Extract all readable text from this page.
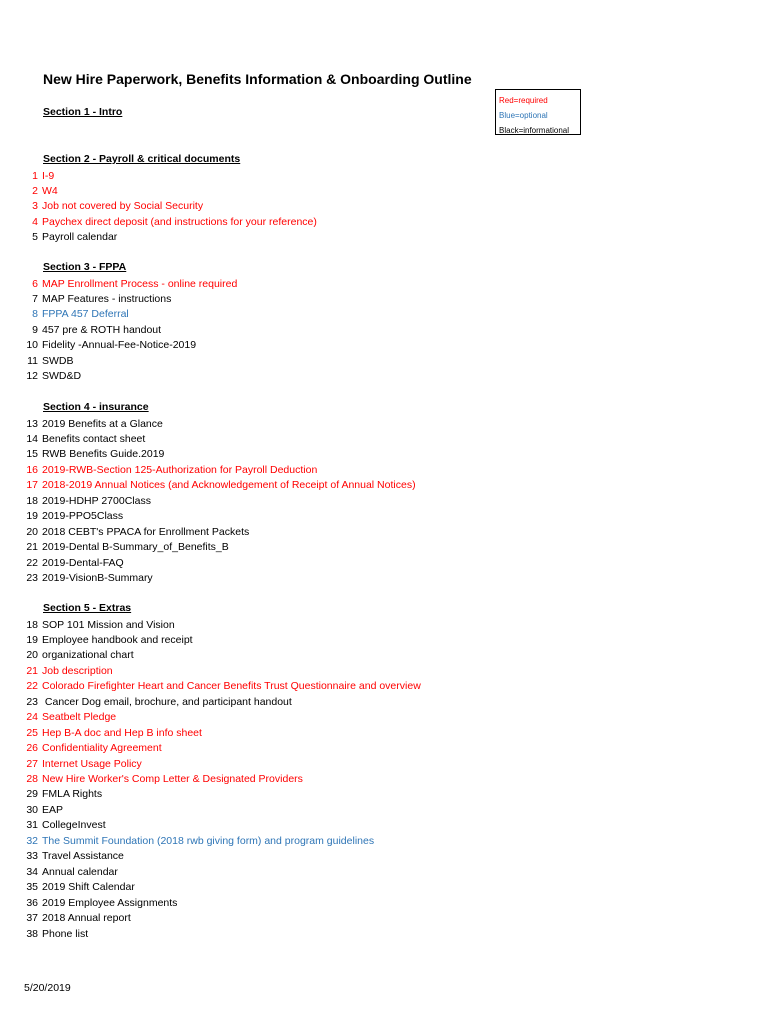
New Hire Paperwork, Benefits Information & Onboarding Outline
Red=required
Blue=optional
Black=informational
Section 1 - Intro
Section 2 - Payroll & critical documents
1 I-9
2 W4
3 Job not covered by Social Security
4 Paychex direct deposit (and instructions for your reference)
5 Payroll calendar
Section 3 - FPPA
6 MAP Enrollment Process - online required
7 MAP Features - instructions
8 FPPA 457 Deferral
9 457 pre & ROTH handout
10 Fidelity -Annual-Fee-Notice-2019
11 SWDB
12 SWD&D
Section 4 - insurance
13 2019 Benefits at a Glance
14 Benefits contact sheet
15 RWB Benefits Guide.2019
16 2019-RWB-Section 125-Authorization for Payroll Deduction
17 2018-2019 Annual Notices (and Acknowledgement of Receipt of Annual Notices)
18 2019-HDHP 2700Class
19 2019-PPO5Class
20 2018 CEBT's PPACA for Enrollment Packets
21 2019-Dental B-Summary_of_Benefits_B
22 2019-Dental-FAQ
23 2019-VisionB-Summary
Section 5 - Extras
18 SOP 101 Mission and Vision
19 Employee handbook and receipt
20 organizational chart
21 Job description
22 Colorado Firefighter Heart and Cancer Benefits Trust Questionnaire and overview
23 Cancer Dog email, brochure, and participant handout
24 Seatbelt Pledge
25 Hep B-A doc and Hep B info sheet
26 Confidentiality Agreement
27 Internet Usage Policy
28 New Hire Worker's Comp Letter & Designated Providers
29 FMLA Rights
30 EAP
31 CollegeInvest
32 The Summit Foundation (2018 rwb giving form) and program guidelines
33 Travel Assistance
34 Annual calendar
35 2019 Shift Calendar
36 2019 Employee Assignments
37 2018 Annual report
38 Phone list
5/20/2019
